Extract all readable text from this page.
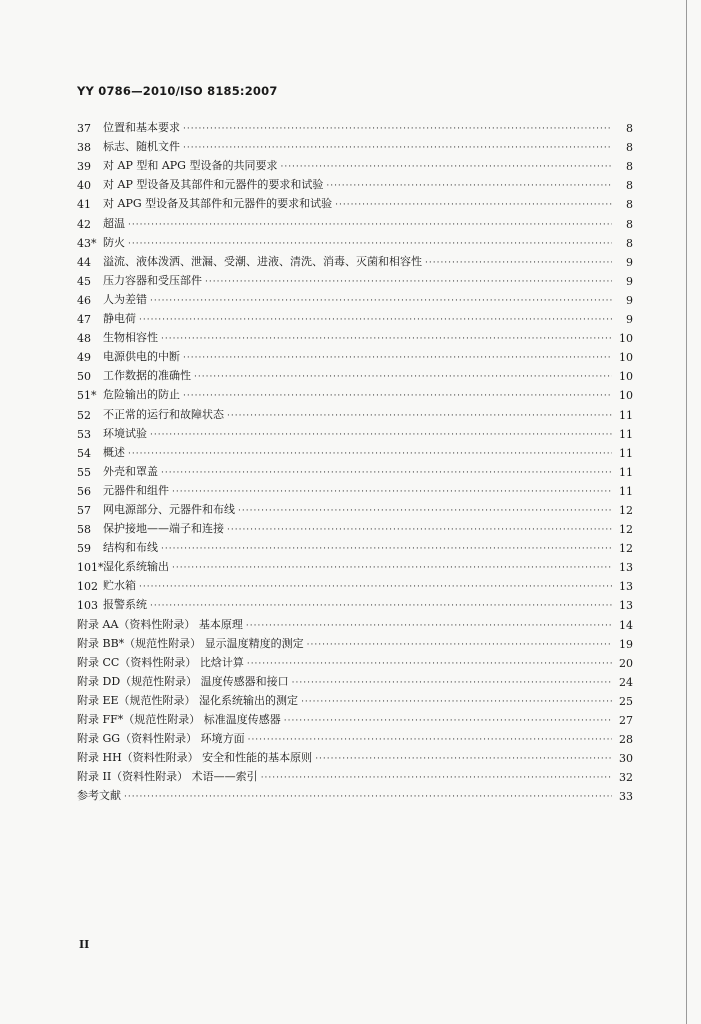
YY 0786—2010/ISO 8185:2007
37	位置和基本要求 ·····	8
38	标志、随机文件 ·····	8
39	对 AP 型和 APG 型设备的共同要求 ·····	8
40	对 AP 型设备及其部件和元器件的要求和试验 ·····	8
41	对 APG 型设备及其部件和元器件的要求和试验 ·····	8
42	超温 ·····	8
43* 防火 ·····	8
44	溢流、液体泼洒、泄漏、受潮、进液、清洗、消毒、灭菌和相容性 ·····	9
45	压力容器和受压部件 ·····	9
46	人为差错 ·····	9
47	静电荷 ·····	9
48	生物相容性 ·····	10
49	电源供电的中断 ·····	10
50	工作数据的准确性 ·····	10
51* 危险输出的防止 ·····	10
52	不正常的运行和故障状态 ·····	11
53	环境试验 ·····	11
54	概述 ·····	11
55	外壳和罩盖 ·····	11
56	元器件和组件 ·····	11
57	网电源部分、元器件和布线 ·····	12
58	保护接地——端子和连接 ·····	12
59	结构和布线 ·····	12
101* 湿化系统输出 ·····	13
102 贮水箱 ·····	13
103 报警系统 ·····	13
附录 AA（资料性附录） 基本原理 ·····	14
附录 BB*（规范性附录） 显示温度精度的测定 ·····	19
附录 CC（资料性附录） 比焓计算 ·····	20
附录 DD（规范性附录） 温度传感器和接口 ·····	24
附录 EE（规范性附录） 湿化系统输出的测定 ·····	25
附录 FF*（规范性附录） 标准温度传感器 ·····	27
附录 GG（资料性附录） 环境方面 ·····	28
附录 HH（资料性附录） 安全和性能的基本原则 ·····	30
附录 II（资料性附录） 术语——索引 ·····	32
参考文献 ·····	33
II
